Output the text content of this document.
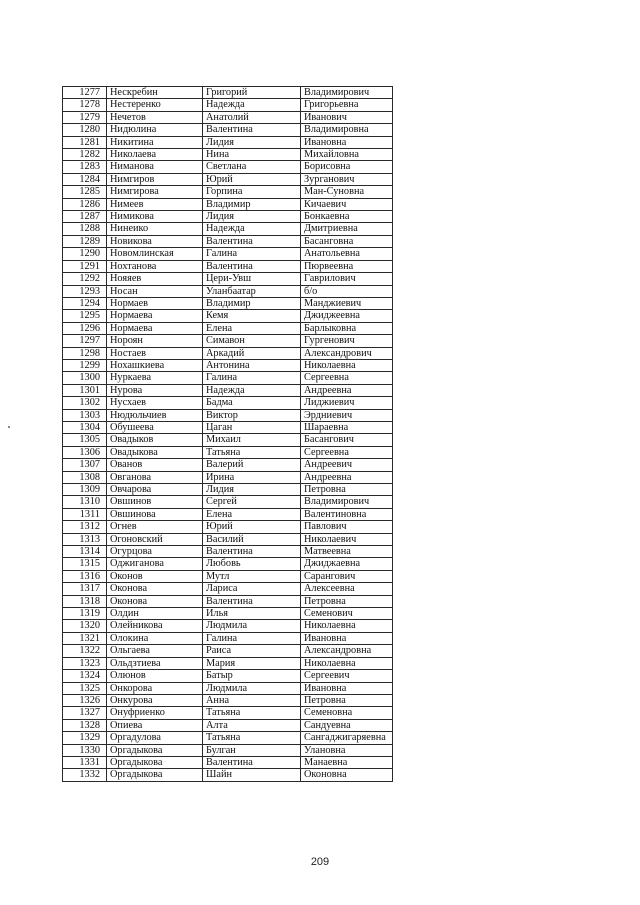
1277	Нескребин	Григорий	Владимирович
1278	Нестеренко	Надежда	Григорьевна
1279	Нечетов	Анатолий	Иванович
1280	Нидюлина	Валентина	Владимировна
1281	Никитина	Лидия	Ивановна
1282	Николаева	Нина	Михайловна
1283	Ниманова	Светлана	Борисовна
1284	Нимгиров	Юрий	Зурганович
1285	Нимгирова	Горпина	Ман-Суновна
1286	Нимеев	Владимир	Кичаевич
1287	Нимикова	Лидия	Бонкаевна
1288	Нинеико	Надежда	Дмитриевна
1289	Новикова	Валентина	Басанговна
1290	Новомлинская	Галина	Анатольевна
1291	Нохтанова	Валентина	Пюрвеевна
1292	Нояяев	Цери-Увш	Гаврилович
1293	Носан	Уланбаатар	б/о
1294	Нормаев	Владимир	Манджиевич
1295	Нормаева	Кемя	Джиджеевна
1296	Нормаева	Елена	Барлыковна
1297	Нороян	Симавон	Гургенович
1298	Ностаев	Аркадий	Александрович
1299	Нохашкиева	Антонина	Николаевна
1300	Нуркаева	Галина	Сергеевна
1301	Нурова	Надежда	Андреевна
1302	Нусхаев	Бадма	Лиджиевич
1303	Нюдюльчиев	Виктор	Эрдниевич
1304	Обушеева	Цаган	Шараевна
1305	Овадыков	Михаил	Басангович
1306	Овадыкова	Татьяна	Сергеевна
1307	Ованов	Валерий	Андреевич
1308	Овганова	Ирина	Андреевна
1309	Овчарова	Лидия	Петровна
1310	Овшинов	Сергей	Владимирович
1311	Овшинова	Елена	Валентиновна
1312	Огнев	Юрий	Павлович
1313	Огоновский	Василий	Николаевич
1314	Огурцова	Валентина	Матвеевна
1315	Оджиганова	Любовь	Джиджаевна
1316	Оконов	Мутл	Сарангович
1317	Оконова	Лариса	Алексеевна
1318	Оконова	Валентина	Петровна
1319	Олдин	Илья	Семенович
1320	Олейникова	Людмила	Николаевна
1321	Олокина	Галина	Ивановна
1322	Ольгаева	Раиса	Александровна
1323	Ольдзтиева	Мария	Николаевна
1324	Олюнов	Батыр	Сергеевич
1325	Онкорова	Людмила	Ивановна
1326	Онкурова	Анна	Петровна
1327	Онуфриенко	Татьяна	Семеновна
1328	Опиева	Алта	Сандуевна
1329	Оргадулова	Татьяна	Сангаджигаряевна
1330	Оргадыкова	Булган	Улановна
1331	Оргадыкова	Валентина	Манаевна
1332	Оргадыкова	Шайн	Оконовна
209
